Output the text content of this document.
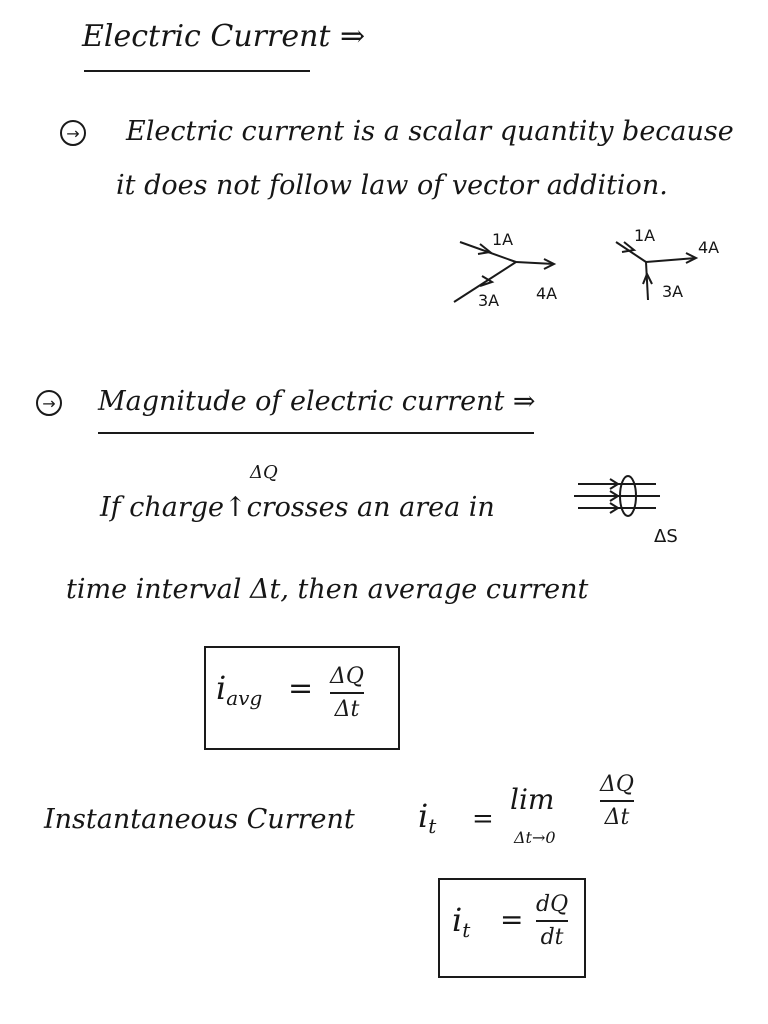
Electric Current ⇒
→ Electric current is a scalar quantity because
it does not follow law of vector addition.
1A
3A 4A
1A
4A
3A
→ Magnitude of electric current ⇒
ΔQ
If charge↑crosses an area in
ΔS
time interval Δt, then average current
iavg = ΔQ
Δt
Instantaneous Current it =
lim
Δt→0
ΔQ
Δt
it = dQ
dt
